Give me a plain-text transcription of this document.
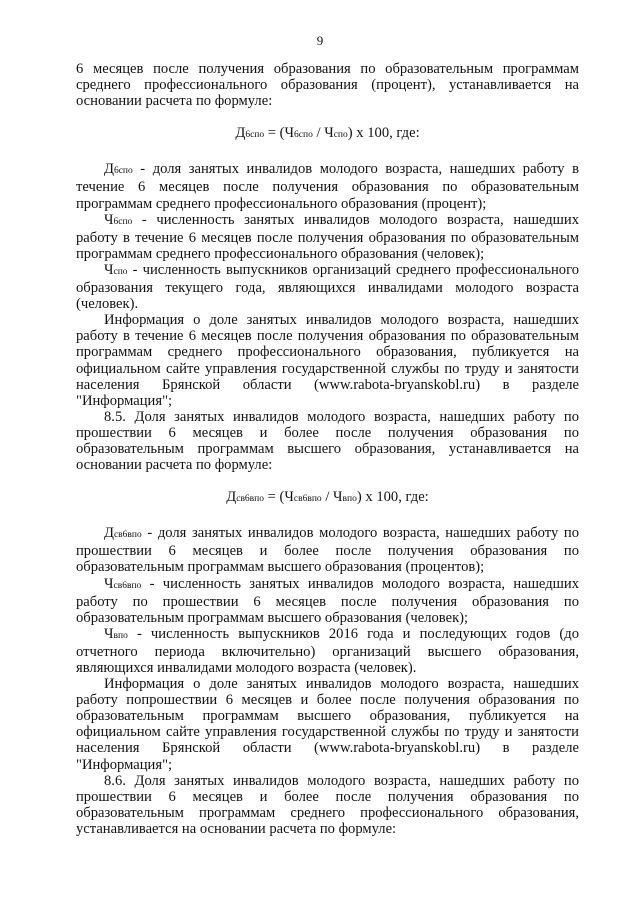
9

6 месяцев после получения образования по образовательным программам среднего профессионального образования (процент), устанавливается на основании расчета по формуле:

Д6спо = (Ч6спо / Чспо) x 100, где:

Д6спо - доля занятых инвалидов молодого возраста, нашедших работу в течение 6 месяцев после получения образования по образовательным программам среднего профессионального образования (процент);

Ч6спо - численность занятых инвалидов молодого возраста, нашедших работу в течение 6 месяцев после получения образования по образовательным программам среднего профессионального образования (человек);

Чспо - численность выпускников организаций среднего профессионального образования текущего года, являющихся инвалидами молодого возраста (человек).

Информация о доле занятых инвалидов молодого возраста, нашедших работу в течение 6 месяцев после получения образования по образовательным программам среднего профессионального образования, публикуется на официальном сайте управления государственной службы по труду и занятости населения Брянской области (www.rabota-bryanskobl.ru) в разделе "Информация";

8.5. Доля занятых инвалидов молодого возраста, нашедших работу по прошествии 6 месяцев и более после получения образования по образовательным программам высшего образования, устанавливается на основании расчета по формуле:

Дсв6впо = (Чсв6впо / Чвпо) x 100, где:

Дсв6впо - доля занятых инвалидов молодого возраста, нашедших работу по прошествии 6 месяцев и более после получения образования по образовательным программам высшего образования (процентов);

Чсв6впо - численность занятых инвалидов молодого возраста, нашедших работу по прошествии 6 месяцев после получения образования по образовательным программам высшего образования (человек);

Чвпо - численность выпускников 2016 года и последующих годов (до отчетного периода включительно) организаций высшего образования, являющихся инвалидами молодого возраста (человек).

Информация о доле занятых инвалидов молодого возраста, нашедших работу попрошествии 6 месяцев и более после получения образования по образовательным программам высшего образования, публикуется на официальном сайте управления государственной службы по труду и занятости населения Брянской области (www.rabota-bryanskobl.ru) в разделе "Информация";

8.6. Доля занятых инвалидов молодого возраста, нашедших работу по прошествии 6 месяцев и более после получения образования по образовательным программам среднего профессионального образования, устанавливается на основании расчета по формуле:
